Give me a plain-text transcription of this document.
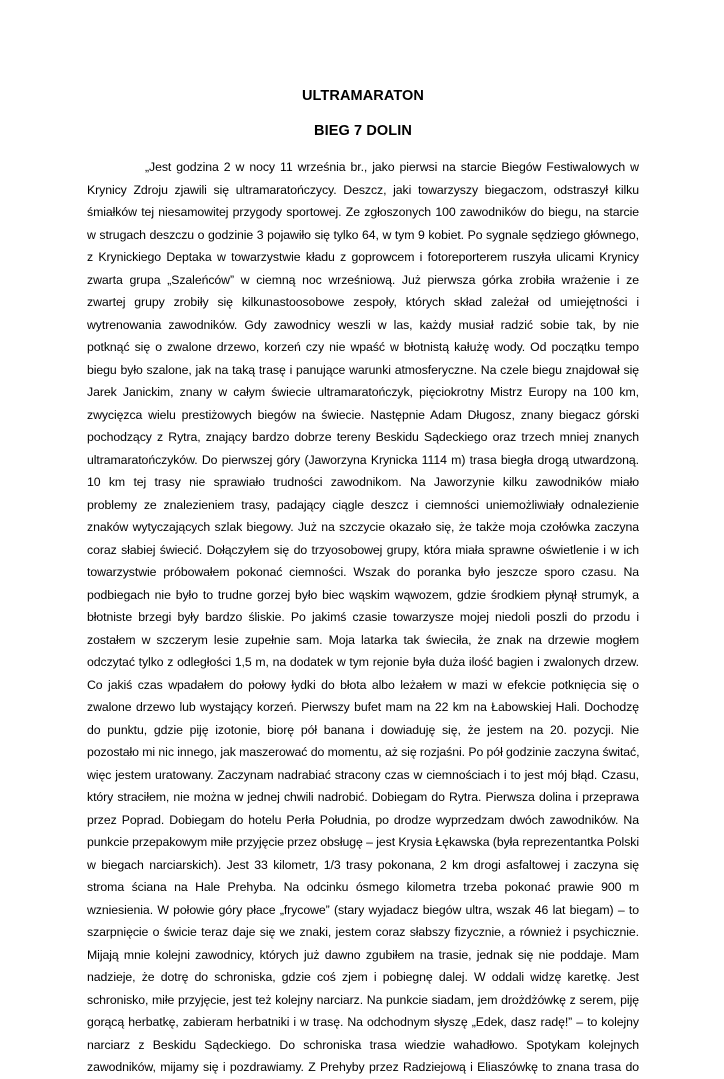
ULTRAMARATON
BIEG 7 DOLIN
„Jest godzina 2 w nocy 11 września br., jako pierwsi na starcie Biegów Festiwalowych w
Krynicy Zdroju zjawili się ultramaratończycy. Deszcz, jaki towarzyszy biegaczom, odstraszył kilku
śmiałków tej niesamowitej przygody sportowej. Ze zgłoszonych 100 zawodników do biegu, na starcie
w strugach deszczu o godzinie 3 pojawiło się tylko 64, w tym 9 kobiet. Po sygnale sędziego głównego,
z Krynickiego Deptaka w towarzystwie kładu z goprowcem i fotoreporterem ruszyła ulicami Krynicy
zwarta grupa „Szaleńców” w ciemną noc wrześniową. Już pierwsza górka zrobiła wrażenie i ze
zwartej grupy zrobiły się kilkunastoosobowe zespoły, których skład zależał od umiejętności i
wytrenowania zawodników. Gdy zawodnicy weszli w las, każdy musiał radzić sobie tak, by nie
potknąć się o zwalone drzewo, korzeń czy nie wpaść w błotnistą kałużę wody. Od początku tempo
biegu było szalone, jak na taką trasę i panujące warunki atmosferyczne. Na czele biegu znajdował się
Jarek Janickim, znany w całym świecie ultramaratończyk, pięciokrotny Mistrz Europy na 100 km,
zwycięzca wielu prestiżowych biegów na świecie. Następnie Adam Długosz, znany biegacz górski
pochodzący z Rytra, znający bardzo dobrze tereny Beskidu Sądeckiego oraz trzech mniej znanych
ultramaratończyków. Do pierwszej góry (Jaworzyna Krynicka 1114 m) trasa biegła drogą utwardzoną.
10 km tej trasy nie sprawiało trudności zawodnikom. Na Jaworzynie kilku zawodników miało
problemy ze znalezieniem trasy, padający ciągle deszcz i ciemności uniemożliwiały odnalezienie
znaków wytyczających szlak biegowy. Już na szczycie okazało się, że także moja czołówka zaczyna
coraz słabiej świecić. Dołączyłem się do trzyosobowej grupy, która miała sprawne oświetlenie i w ich
towarzystwie próbowałem pokonać ciemności. Wszak do poranka było jeszcze sporo czasu. Na
podbiegach nie było to trudne gorzej było biec wąskim wąwozem, gdzie środkiem płynął strumyk, a
błotniste brzegi były bardzo śliskie. Po jakimś czasie towarzysze mojej niedoli poszli do przodu i
zostałem w szczerym lesie zupełnie sam. Moja latarka tak świeciła, że znak na drzewie mogłem
odczytać tylko z odległości 1,5 m, na dodatek w tym rejonie była duża ilość bagien i zwalonych drzew.
Co jakiś czas wpadałem do połowy łydki do błota albo leżałem w mazi w efekcie potknięcia się o
zwalone drzewo lub wystający korzeń. Pierwszy bufet mam na 22 km na Łabowskiej Hali. Dochodzę
do punktu, gdzie piję izotonie, biorę pół banana i dowiaduję się, że jestem na 20. pozycji. Nie
pozostało mi nic innego, jak maszerować do momentu, aż się rozjaśni. Po pół godzinie zaczyna świtać,
więc jestem uratowany. Zaczynam nadrabiać stracony czas w ciemnościach i to jest mój błąd. Czasu,
który straciłem, nie można w jednej chwili nadrobić. Dobiegam do Rytra. Pierwsza dolina i przeprawa
przez Poprad. Dobiegam do hotelu Perła Południa, po drodze wyprzedzam dwóch zawodników. Na
punkcie przepakowym miłe przyjęcie przez obsługę – jest Krysia Łękawska (była reprezentantka Polski
w biegach narciarskich). Jest 33 kilometr, 1/3 trasy pokonana, 2 km drogi asfaltowej i zaczyna się
stroma ściana na Hale Prehyba. Na odcinku ósmego kilometra trzeba pokonać prawie 900 m
wzniesienia. W połowie góry płace „frycowe” (stary wyjadacz biegów ultra, wszak 46 lat biegam) – to
szarpnięcie o świcie teraz daje się we znaki, jestem coraz słabszy fizycznie, a również i psychicznie.
Mijają mnie kolejni zawodnicy, których już dawno zgubiłem na trasie, jednak się nie poddaje. Mam
nadzieje, że dotrę do schroniska, gdzie coś zjem i pobiegnę dalej. W oddali widzę karetkę. Jest
schronisko, miłe przyjęcie, jest też kolejny narciarz. Na punkcie siadam, jem drożdżówkę z serem, piję
gorącą herbatkę, zabieram herbatniki i w trasę. Na odchodnym słyszę „Edek, dasz radę!” – to kolejny
narciarz z Beskidu Sądeckiego. Do schroniska trasa wiedzie wahadłowo. Spotykam kolejnych
zawodników, mijamy się i pozdrawiamy. Z Prehyby przez Radziejową i Eliaszówkę to znana trasa do
